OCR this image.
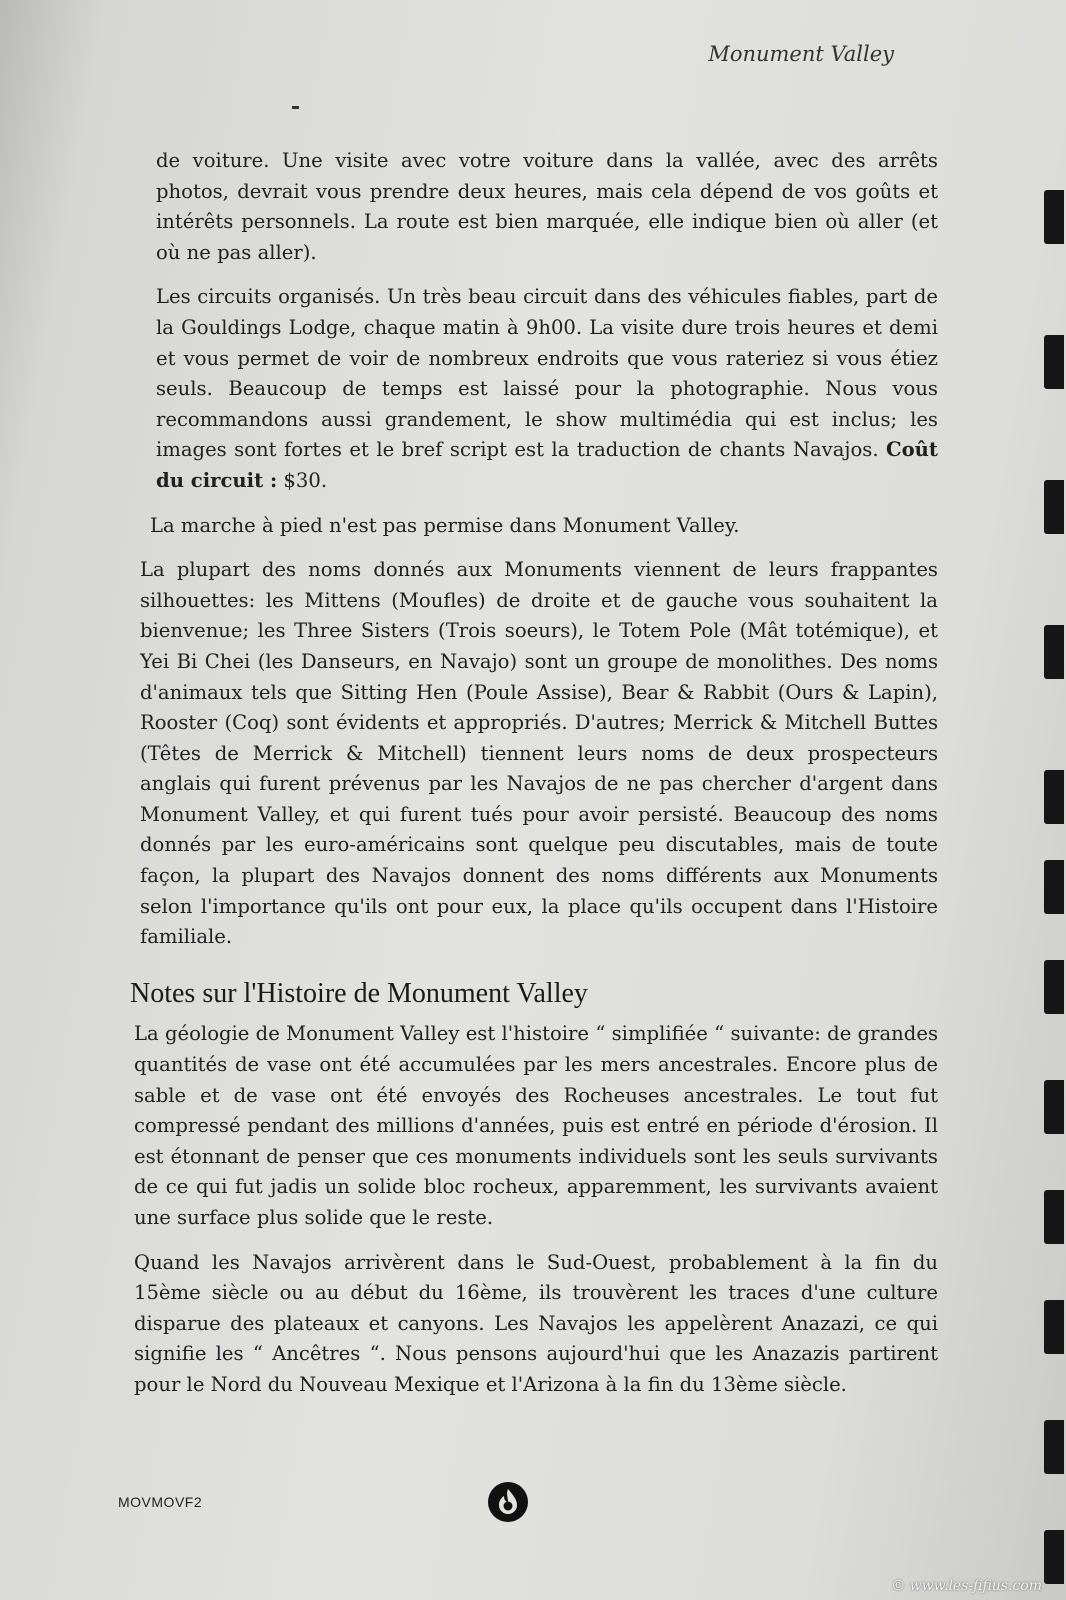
Monument Valley

de voiture. Une visite avec votre voiture dans la vallée, avec des arrêts photos, devrait vous prendre deux heures, mais cela dépend de vos goûts et intérêts personnels. La route est bien marquée, elle indique bien où aller (et où ne pas aller).

Les circuits organisés. Un très beau circuit dans des véhicules fiables, part de la Gouldings Lodge, chaque matin à 9h00. La visite dure trois heures et demi et vous permet de voir de nombreux endroits que vous rateriez si vous étiez seuls. Beaucoup de temps est laissé pour la photographie. Nous vous recommandons aussi grandement, le show multimédia qui est inclus; les images sont fortes et le bref script est la traduction de chants Navajos. Coût du circuit : $30.

La marche à pied n'est pas permise dans Monument Valley.

La plupart des noms donnés aux Monuments viennent de leurs frappantes silhouettes: les Mittens (Moufles) de droite et de gauche vous souhaitent la bienvenue; les Three Sisters (Trois soeurs), le Totem Pole (Mât totémique), et Yei Bi Chei (les Danseurs, en Navajo) sont un groupe de monolithes. Des noms d'animaux tels que Sitting Hen (Poule Assise), Bear & Rabbit (Ours & Lapin), Rooster (Coq) sont évidents et appropriés. D'autres; Merrick & Mitchell Buttes (Têtes de Merrick & Mitchell) tiennent leurs noms de deux prospecteurs anglais qui furent prévenus par les Navajos de ne pas chercher d'argent dans Monument Valley, et qui furent tués pour avoir persisté. Beaucoup des noms donnés par les euro-américains sont quelque peu discutables, mais de toute façon, la plupart des Navajos donnent des noms différents aux Monuments selon l'importance qu'ils ont pour eux, la place qu'ils occupent dans l'Histoire familiale.

Notes sur l'Histoire de Monument Valley

La géologie de Monument Valley est l'histoire “ simplifiée “ suivante: de grandes quantités de vase ont été accumulées par les mers ancestrales. Encore plus de sable et de vase ont été envoyés des Rocheuses ancestrales. Le tout fut compressé pendant des millions d'années, puis est entré en période d'érosion. Il est étonnant de penser que ces monuments individuels sont les seuls survivants de ce qui fut jadis un solide bloc rocheux, apparemment, les survivants avaient une surface plus solide que le reste.

Quand les Navajos arrivèrent dans le Sud-Ouest, probablement à la fin du 15ème siècle ou au début du 16ème, ils trouvèrent les traces d'une culture disparue des plateaux et canyons. Les Navajos les appelèrent Anazazi, ce qui signifie les “ Ancêtres “. Nous pensons aujourd'hui que les Anazazis partirent pour le Nord du Nouveau Mexique et l'Arizona à la fin du 13ème siècle.

MOVMOVF2
© www.les-fifius.com
